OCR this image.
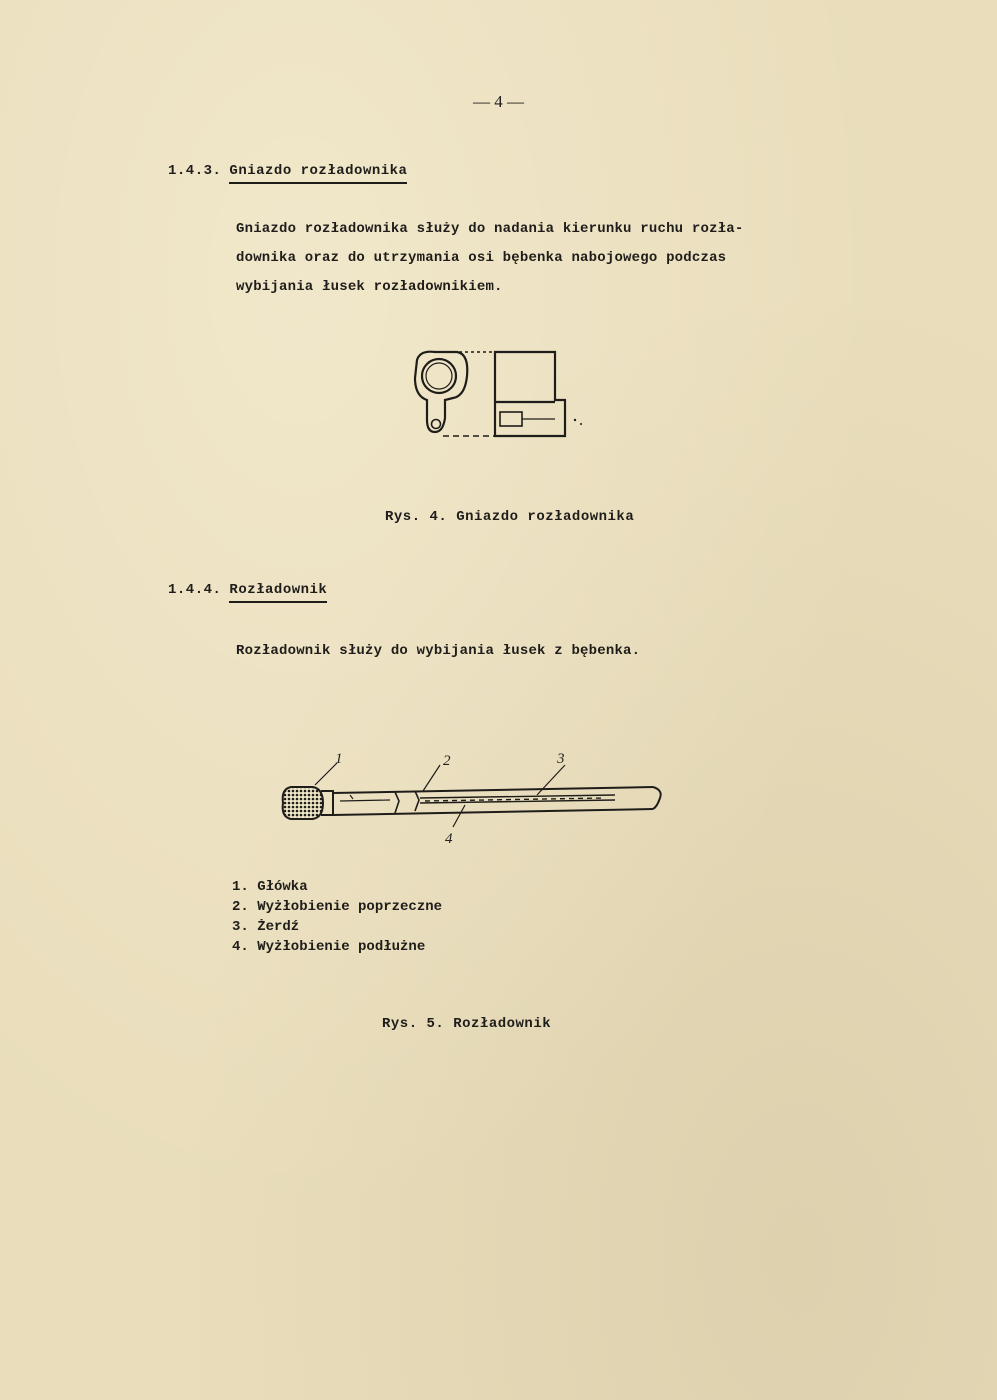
— 4 —
1.4.3. Gniazdo rozładownika
Gniazdo rozładownika służy do nadania kierunku ruchu rozła-
downika oraz do utrzymania osi bębenka nabojowego podczas
wybijania łusek rozładownikiem.
Rys. 4. Gniazdo rozładownika
1.4.4. Rozładownik
Rozładownik służy do wybijania łusek z bębenka.
1	2	3
4
1. Główka
2. Wyżłobienie poprzeczne
3. Żerdź
4. Wyżłobienie podłużne
Rys. 5. Rozładownik
